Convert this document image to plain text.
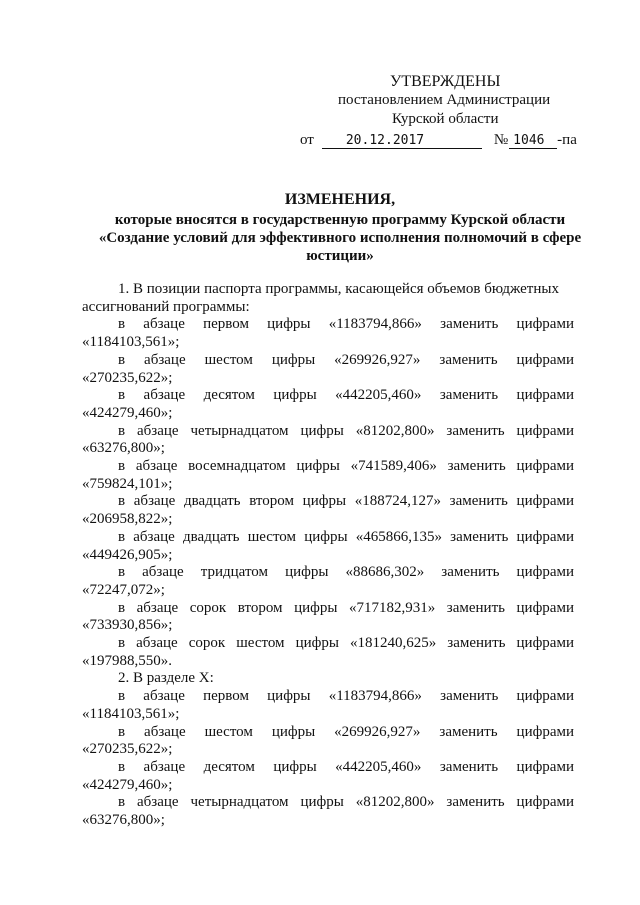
УТВЕРЖДЕНЫ
постановлением Администрации
Курской области
от	20.12.2017	№ 1046 -па
ИЗМЕНЕНИЯ,
которые вносятся в государственную программу Курской области
«Создание условий для эффективного исполнения полномочий в сфере
юстиции»
1. В позиции паспорта программы, касающейся объемов бюджетных
ассигнований программы:
в абзаце первом цифры «1183794,866» заменить цифрами
«1184103,561»;
в абзаце шестом цифры «269926,927» заменить цифрами
«270235,622»;
в абзаце десятом цифры «442205,460» заменить цифрами
«424279,460»;
в абзаце четырнадцатом цифры «81202,800» заменить цифрами
«63276,800»;
в абзаце восемнадцатом цифры «741589,406» заменить цифрами
«759824,101»;
в абзаце двадцать втором цифры «188724,127» заменить цифрами
«206958,822»;
в абзаце двадцать шестом цифры «465866,135» заменить цифрами
«449426,905»;
в абзаце тридцатом цифры «88686,302» заменить цифрами
«72247,072»;
в абзаце сорок втором цифры «717182,931» заменить цифрами
«733930,856»;
в абзаце сорок шестом цифры «181240,625» заменить цифрами
«197988,550».
2. В разделе X:
в абзаце первом цифры «1183794,866» заменить цифрами
«1184103,561»;
в абзаце шестом цифры «269926,927» заменить цифрами
«270235,622»;
в абзаце десятом цифры «442205,460» заменить цифрами
«424279,460»;
в абзаце четырнадцатом цифры «81202,800» заменить цифрами
«63276,800»;
